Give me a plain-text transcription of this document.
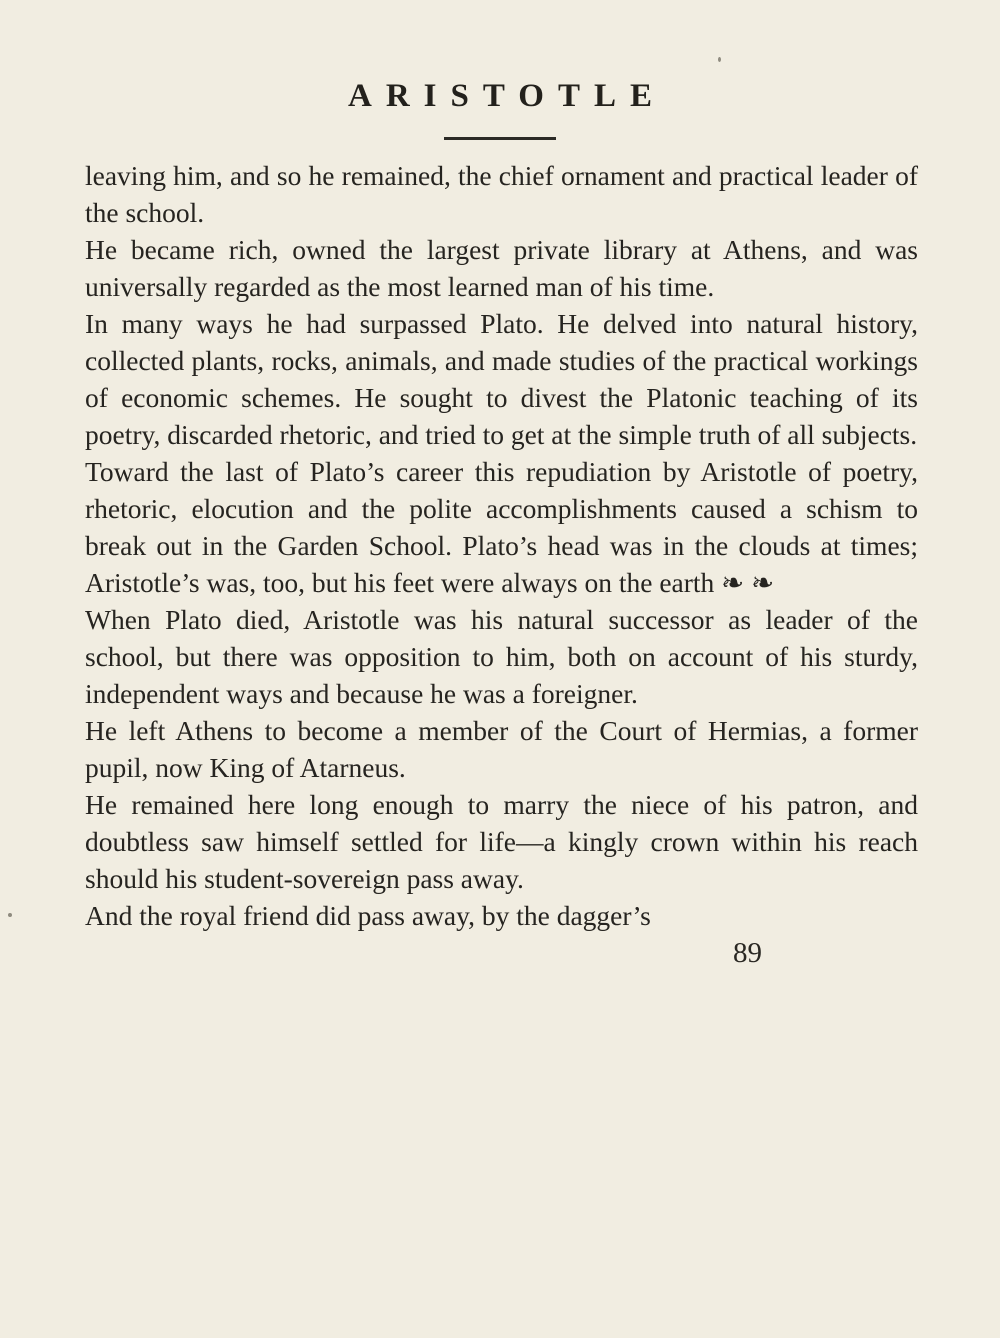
ARISTOTLE

leaving him, and so he remained, the chief ornament and practical leader of the school.

He became rich, owned the largest private library at Athens, and was universally regarded as the most learned man of his time.

In many ways he had surpassed Plato. He delved into natural history, collected plants, rocks, animals, and made studies of the practical workings of economic schemes. He sought to divest the Platonic teaching of its poetry, discarded rhetoric, and tried to get at the simple truth of all subjects.

Toward the last of Plato’s career this repudiation by Aristotle of poetry, rhetoric, elocution and the polite accomplishments caused a schism to break out in the Garden School. Plato’s head was in the clouds at times; Aristotle’s was, too, but his feet were always on the earth ❧ ❧

When Plato died, Aristotle was his natural successor as leader of the school, but there was opposition to him, both on account of his sturdy, independent ways and because he was a foreigner.

He left Athens to become a member of the Court of Hermias, a former pupil, now King of Atarneus.

He remained here long enough to marry the niece of his patron, and doubtless saw himself settled for life—a kingly crown within his reach should his student-sovereign pass away.

And the royal friend did pass away, by the dagger’s

89
